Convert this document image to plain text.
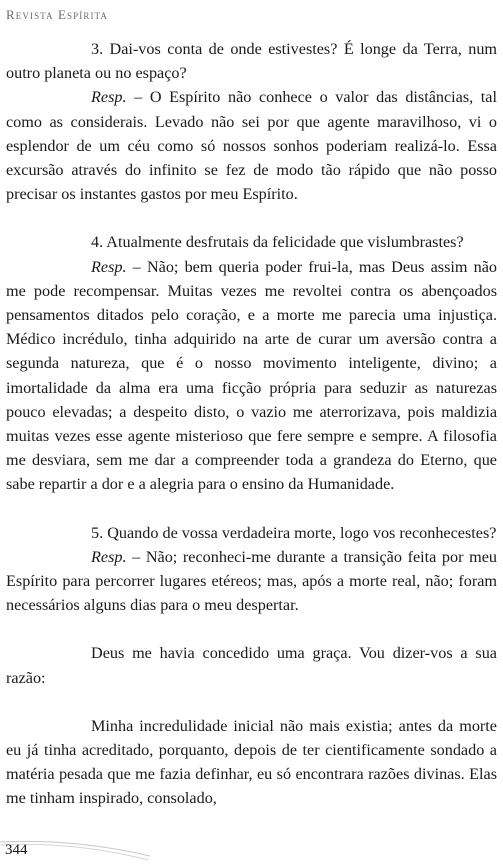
Revista Espírita

3. Dai-vos conta de onde estivestes? É longe da Terra, num outro planeta ou no espaço?

Resp. – O Espírito não conhece o valor das distâncias, tal como as considerais. Levado não sei por que agente maravilhoso, vi o esplendor de um céu como só nossos sonhos poderiam realizá-lo. Essa excursão através do infinito se fez de modo tão rápido que não posso precisar os instantes gastos por meu Espírito.

4. Atualmente desfrutais da felicidade que vislumbrastes?

Resp. – Não; bem queria poder frui-la, mas Deus assim não me pode recompensar. Muitas vezes me revoltei contra os abençoados pensamentos ditados pelo coração, e a morte me parecia uma injustiça. Médico incrédulo, tinha adquirido na arte de curar um aversão contra a segunda natureza, que é o nosso movimento inteligente, divino; a imortalidade da alma era uma ficção própria para seduzir as naturezas pouco elevadas; a despeito disto, o vazio me aterrorizava, pois maldizia muitas vezes esse agente misterioso que fere sempre e sempre. A filosofia me desviara, sem me dar a compreender toda a grandeza do Eterno, que sabe repartir a dor e a alegria para o ensino da Humanidade.

5. Quando de vossa verdadeira morte, logo vos reconhecestes?

Resp. – Não; reconheci-me durante a transição feita por meu Espírito para percorrer lugares etéreos; mas, após a morte real, não; foram necessários alguns dias para o meu despertar.

Deus me havia concedido uma graça. Vou dizer-vos a sua razão:

Minha incredulidade inicial não mais existia; antes da morte eu já tinha acreditado, porquanto, depois de ter cientificamente sondado a matéria pesada que me fazia definhar, eu só encontrara razões divinas. Elas me tinham inspirado, consolado,

344
